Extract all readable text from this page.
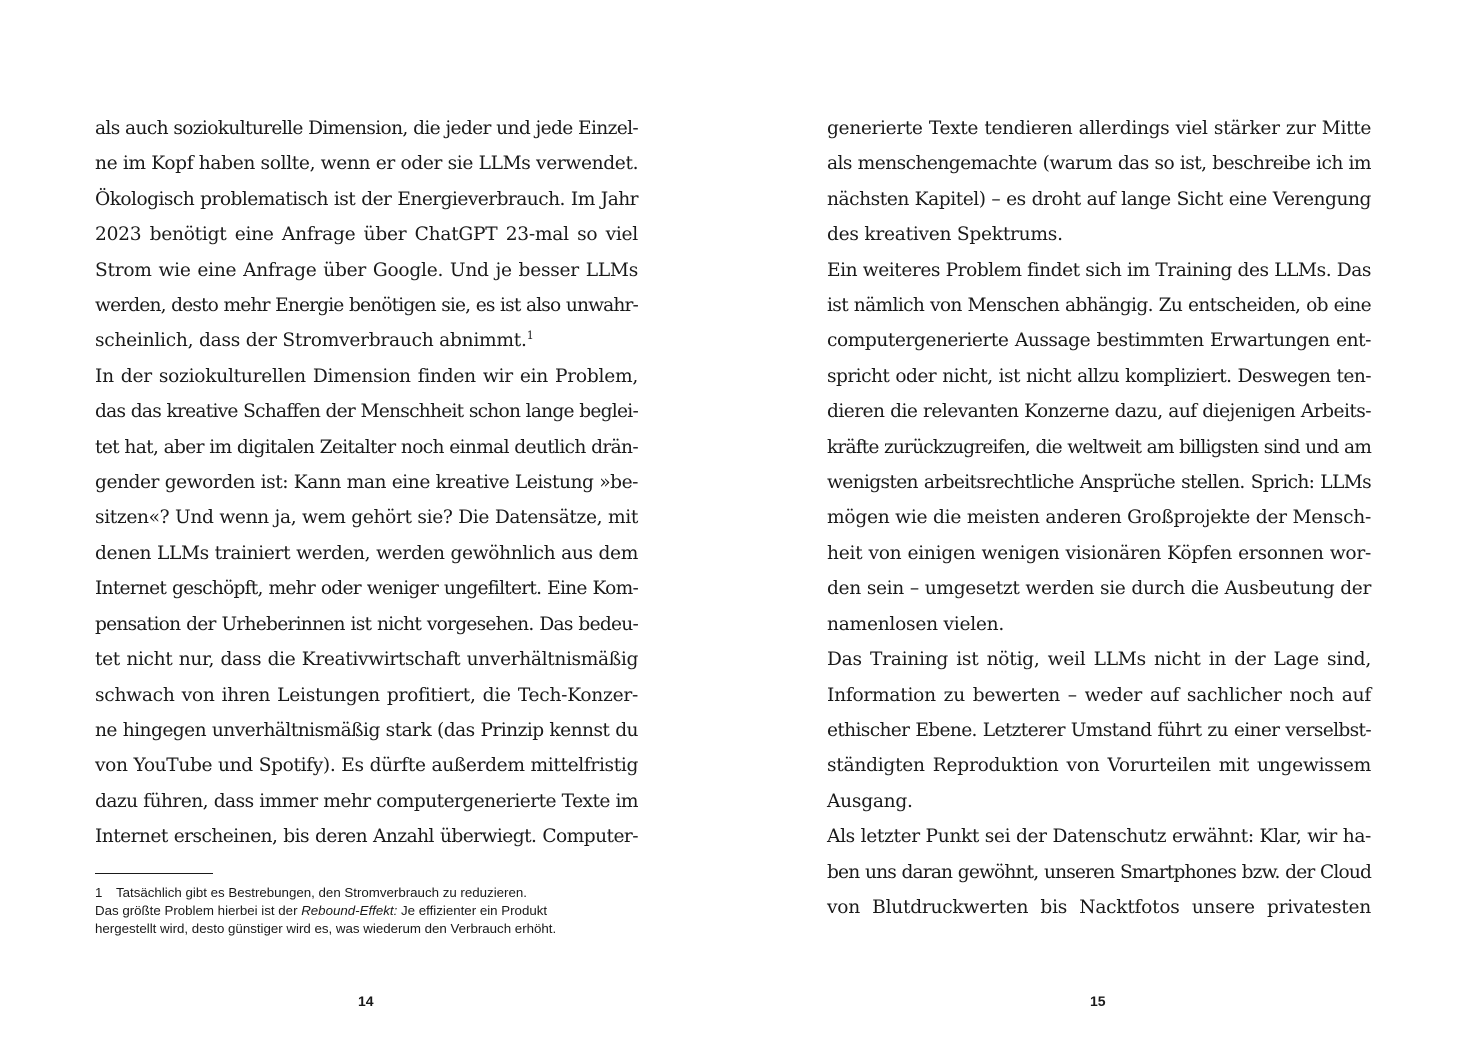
als auch soziokulturelle Dimension, die jeder und jede Einzel-
ne im Kopf haben sollte, wenn er oder sie LLMs verwendet.
Ökologisch problematisch ist der Energieverbrauch. Im Jahr
2023 benötigt eine Anfrage über ChatGPT 23-mal so viel
Strom wie eine Anfrage über Google. Und je besser LLMs
werden, desto mehr Energie benötigen sie, es ist also unwahr-
scheinlich, dass der Stromverbrauch abnimmt.$^1$
In der soziokulturellen Dimension finden wir ein Problem,
das das kreative Schaffen der Menschheit schon lange beglei-
tet hat, aber im digitalen Zeitalter noch einmal deutlich drän-
gender geworden ist: Kann man eine kreative Leistung »be-
sitzen«? Und wenn ja, wem gehört sie? Die Datensätze, mit
denen LLMs trainiert werden, werden gewöhnlich aus dem
Internet geschöpft, mehr oder weniger ungefiltert. Eine Kom-
pensation der Urheberinnen ist nicht vorgesehen. Das bedeu-
tet nicht nur, dass die Kreativwirtschaft unverhältnismäßig
schwach von ihren Leistungen profitiert, die Tech-Konzer-
ne hingegen unverhältnismäßig stark (das Prinzip kennst du
von YouTube und Spotify). Es dürfte außerdem mittelfristig
dazu führen, dass immer mehr computergenerierte Texte im
Internet erscheinen, bis deren Anzahl überwiegt. Computer-
1 Tatsächlich gibt es Bestrebungen, den Stromverbrauch zu reduzieren.
Das größte Problem hierbei ist der Rebound-Effekt: Je effizienter ein Produkt
hergestellt wird, desto günstiger wird es, was wiederum den Verbrauch erhöht.
14
generierte Texte tendieren allerdings viel stärker zur Mitte
als menschengemachte (warum das so ist, beschreibe ich im
nächsten Kapitel) – es droht auf lange Sicht eine Verengung
des kreativen Spektrums.
Ein weiteres Problem findet sich im Training des LLMs. Das
ist nämlich von Menschen abhängig. Zu entscheiden, ob eine
computergenerierte Aussage bestimmten Erwartungen ent-
spricht oder nicht, ist nicht allzu kompliziert. Deswegen ten-
dieren die relevanten Konzerne dazu, auf diejenigen Arbeits-
kräfte zurückzugreifen, die weltweit am billigsten sind und am
wenigsten arbeitsrechtliche Ansprüche stellen. Sprich: LLMs
mögen wie die meisten anderen Großprojekte der Mensch-
heit von einigen wenigen visionären Köpfen ersonnen wor-
den sein – umgesetzt werden sie durch die Ausbeutung der
namenlosen vielen.
Das Training ist nötig, weil LLMs nicht in der Lage sind,
Information zu bewerten – weder auf sachlicher noch auf
ethischer Ebene. Letzterer Umstand führt zu einer verselbst-
ständigten Reproduktion von Vorurteilen mit ungewissem
Ausgang.
Als letzter Punkt sei der Datenschutz erwähnt: Klar, wir ha-
ben uns daran gewöhnt, unseren Smartphones bzw. der Cloud
von Blutdruckwerten bis Nacktfotos unsere privatesten
15
